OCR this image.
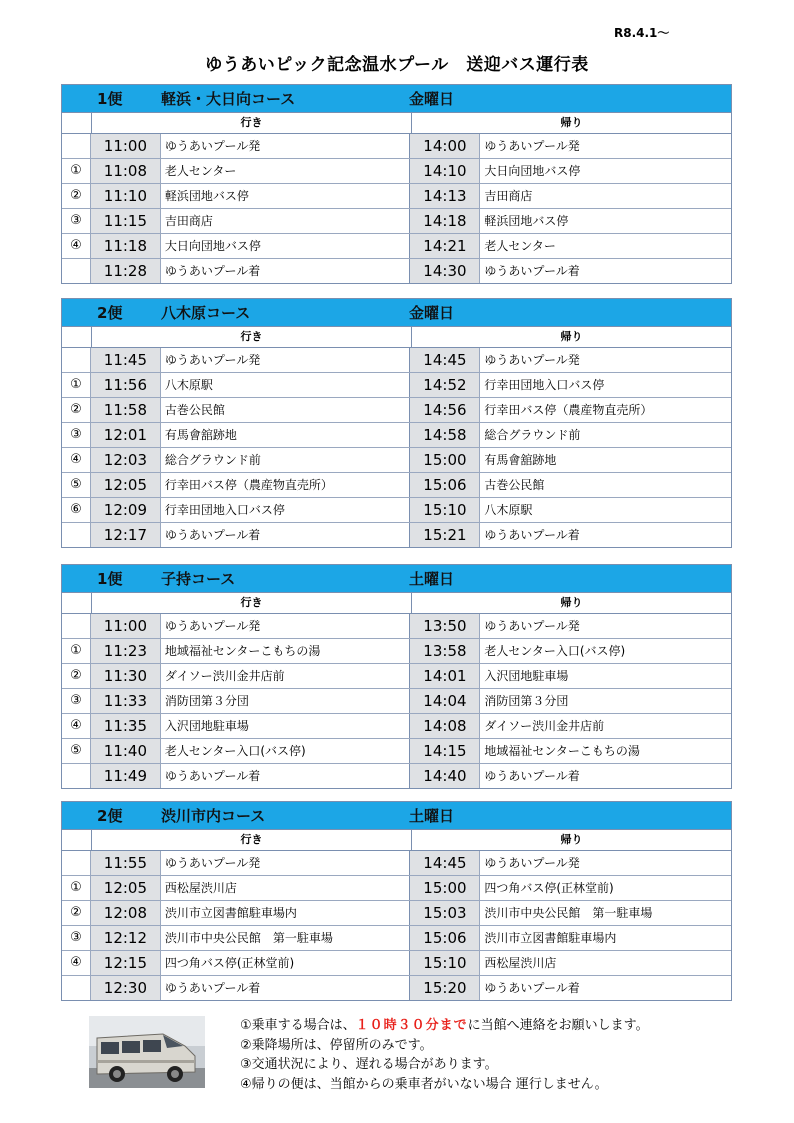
R8.4.1～
ゆうあいピック記念温水プール　送迎バス運行表
1便	軽浜・大日向コース	金曜日
行き	帰り
11:00	ゆうあいプール発	14:00	ゆうあいプール発
①	11:08	老人センター	14:10	大日向団地バス停
②	11:10	軽浜団地バス停	14:13	吉田商店
③	11:15	吉田商店	14:18	軽浜団地バス停
④	11:18	大日向団地バス停	14:21	老人センター
11:28	ゆうあいプール着	14:30	ゆうあいプール着
2便	八木原コース	金曜日
行き	帰り
11:45	ゆうあいプール発	14:45	ゆうあいプール発
①	11:56	八木原駅	14:52	行幸田団地入口バス停
②	11:58	古巻公民館	14:56	行幸田バス停（農産物直売所）
③	12:01	有馬會舘跡地	14:58	総合グラウンド前
④	12:03	総合グラウンド前	15:00	有馬會舘跡地
⑤	12:05	行幸田バス停（農産物直売所）	15:06	古巻公民館
⑥	12:09	行幸田団地入口バス停	15:10	八木原駅
12:17	ゆうあいプール着	15:21	ゆうあいプール着
1便	子持コース	土曜日
行き	帰り
11:00	ゆうあいプール発	13:50	ゆうあいプール発
①	11:23	地域福祉センターこもちの湯	13:58	老人センター入口(バス停)
②	11:30	ダイソー渋川金井店前	14:01	入沢団地駐車場
③	11:33	消防団第３分団	14:04	消防団第３分団
④	11:35	入沢団地駐車場	14:08	ダイソー渋川金井店前
⑤	11:40	老人センター入口(バス停)	14:15	地域福祉センターこもちの湯
11:49	ゆうあいプール着	14:40	ゆうあいプール着
2便	渋川市内コース	土曜日
行き	帰り
11:55	ゆうあいプール発	14:45	ゆうあいプール発
①	12:05	西松屋渋川店	15:00	四つ角バス停(正林堂前)
②	12:08	渋川市立図書館駐車場内	15:03	渋川市中央公民館　第一駐車場
③	12:12	渋川市中央公民館　第一駐車場	15:06	渋川市立図書館駐車場内
④	12:15	四つ角バス停(正林堂前)	15:10	西松屋渋川店
12:30	ゆうあいプール着	15:20	ゆうあいプール着
①乗車する場合は、１０時３０分までに当館へ連絡をお願いします。
②乗降場所は、停留所のみです。
③交通状況により、遅れる場合があります。
④帰りの便は、当館からの乗車者がいない場合 運行しません。
